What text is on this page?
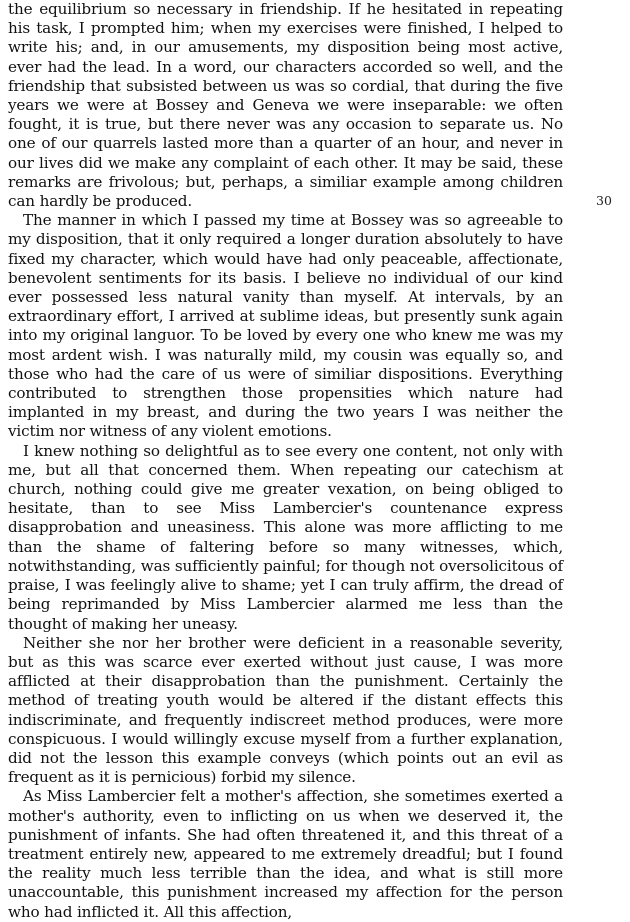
the equilibrium so necessary in friendship. If he hesitated in repeating his task, I prompted him; when my exercises were finished, I helped to write his; and, in our amusements, my disposition being most active, ever had the lead. In a word, our characters accorded so well, and the friendship that subsisted between us was so cordial, that during the five years we were at Bossey and Geneva we were inseparable: we often fought, it is true, but there never was any occasion to separate us. No one of our quarrels lasted more than a quarter of an hour, and never in our lives did we make any complaint of each other. It may be said, these remarks are frivolous; but, perhaps, a similiar example among children can hardly be produced.

The manner in which I passed my time at Bossey was so agreeable to my disposition, that it only required a longer duration absolutely to have fixed my character, which would have had only peaceable, affectionate, benevolent sentiments for its basis. I believe no individual of our kind ever possessed less natural vanity than myself. At intervals, by an extraordinary effort, I arrived at sublime ideas, but presently sunk again into my original languor. To be loved by every one who knew me was my most ardent wish. I was naturally mild, my cousin was equally so, and those who had the care of us were of similiar dispositions. Everything contributed to strengthen those propensities which nature had implanted in my breast, and during the two years I was neither the victim nor witness of any violent emotions.

I knew nothing so delightful as to see every one content, not only with me, but all that concerned them. When repeating our catechism at church, nothing could give me greater vexation, on being obliged to hesitate, than to see Miss Lambercier's countenance express disapprobation and uneasiness. This alone was more afflicting to me than the shame of faltering before so many witnesses, which, notwithstanding, was sufficiently painful; for though not oversolicitous of praise, I was feelingly alive to shame; yet I can truly affirm, the dread of being reprimanded by Miss Lambercier alarmed me less than the thought of making her uneasy.

Neither she nor her brother were deficient in a reasonable severity, but as this was scarce ever exerted without just cause, I was more afflicted at their disapprobation than the punishment. Certainly the method of treating youth would be altered if the distant effects this indiscriminate, and frequently indiscreet method produces, were more conspicuous. I would willingly excuse myself from a further explanation, did not the lesson this example conveys (which points out an evil as frequent as it is pernicious) forbid my silence.

As Miss Lambercier felt a mother's affection, she sometimes exerted a mother's authority, even to inflicting on us when we deserved it, the punishment of infants. She had often threatened it, and this threat of a treatment entirely new, appeared to me extremely dreadful; but I found the reality much less terrible than the idea, and what is still more unaccountable, this punishment increased my affection for the person who had inflicted it. All this affection,

30
